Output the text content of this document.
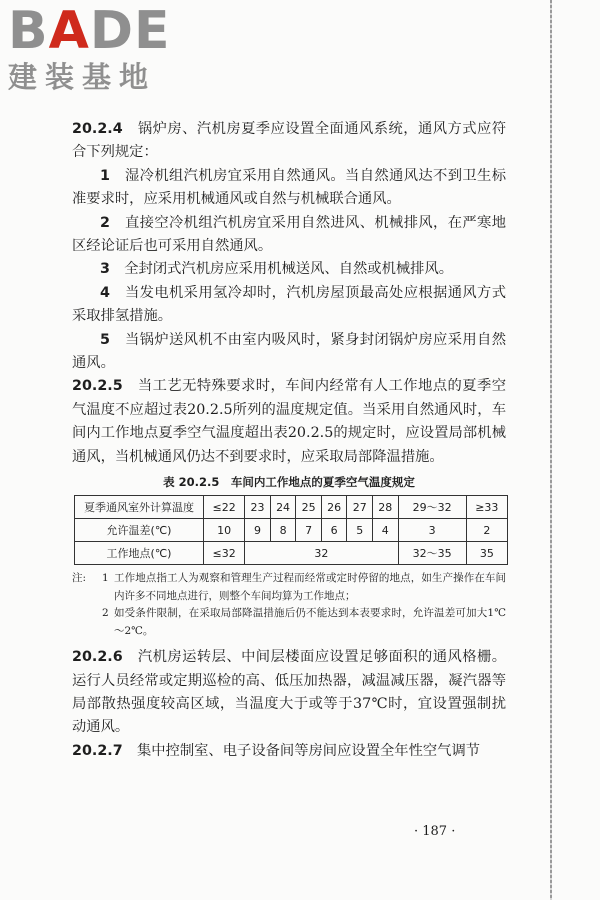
BADE
建装基地

20.2.4　 锅炉房、汽机房夏季应设置全面通风系统，通风方式应符合下列规定：

1　 湿冷机组汽机房宜采用自然通风。当自然通风达不到卫生标准要求时，应采用机械通风或自然与机械联合通风。

2　 直接空冷机组汽机房宜采用自然进风、机械排风，在严寒地区经论证后也可采用自然通风。

3　 全封闭式汽机房应采用机械送风、自然或机械排风。

4　 当发电机采用氢冷却时，汽机房屋顶最高处应根据通风方式采取排氢措施。

5　 当锅炉送风机不由室内吸风时，紧身封闭锅炉房应采用自然通风。

20.2.5　 当工艺无特殊要求时，车间内经常有人工作地点的夏季空气温度不应超过表20.2.5所列的温度规定值。当采用自然通风时，车间内工作地点夏季空气温度超出表20.2.5的规定时，应设置局部机械通风，当机械通风仍达不到要求时，应采取局部降温措施。

表 20.2.5　车间内工作地点的夏季空气温度规定
夏季通风室外计算温度	≤22	23	24	25	26	27	28	29～32	≥33
允许温差(℃)	10	9	8	7	6	5	4	3	2
工作地点(℃)	≤32	32						32～35	35
注:	1 工作地点指工人为观察和管理生产过程而经常或定时停留的地点，如生产操作在车间内许多不同地点进行，则整个车间均算为工作地点；
2 如受条件限制，在采取局部降温措施后仍不能达到本表要求时，允许温差可加大1℃～2℃。

20.2.6　 汽机房运转层、中间层楼面应设置足够面积的通风格栅。运行人员经常或定期巡检的高、低压加热器，减温减压器，凝汽器等局部散热强度较高区域，当温度大于或等于37℃时，宜设置强制扰动通风。

20.2.7　 集中控制室、电子设备间等房间应设置全年性空气调节

· 187 ·
